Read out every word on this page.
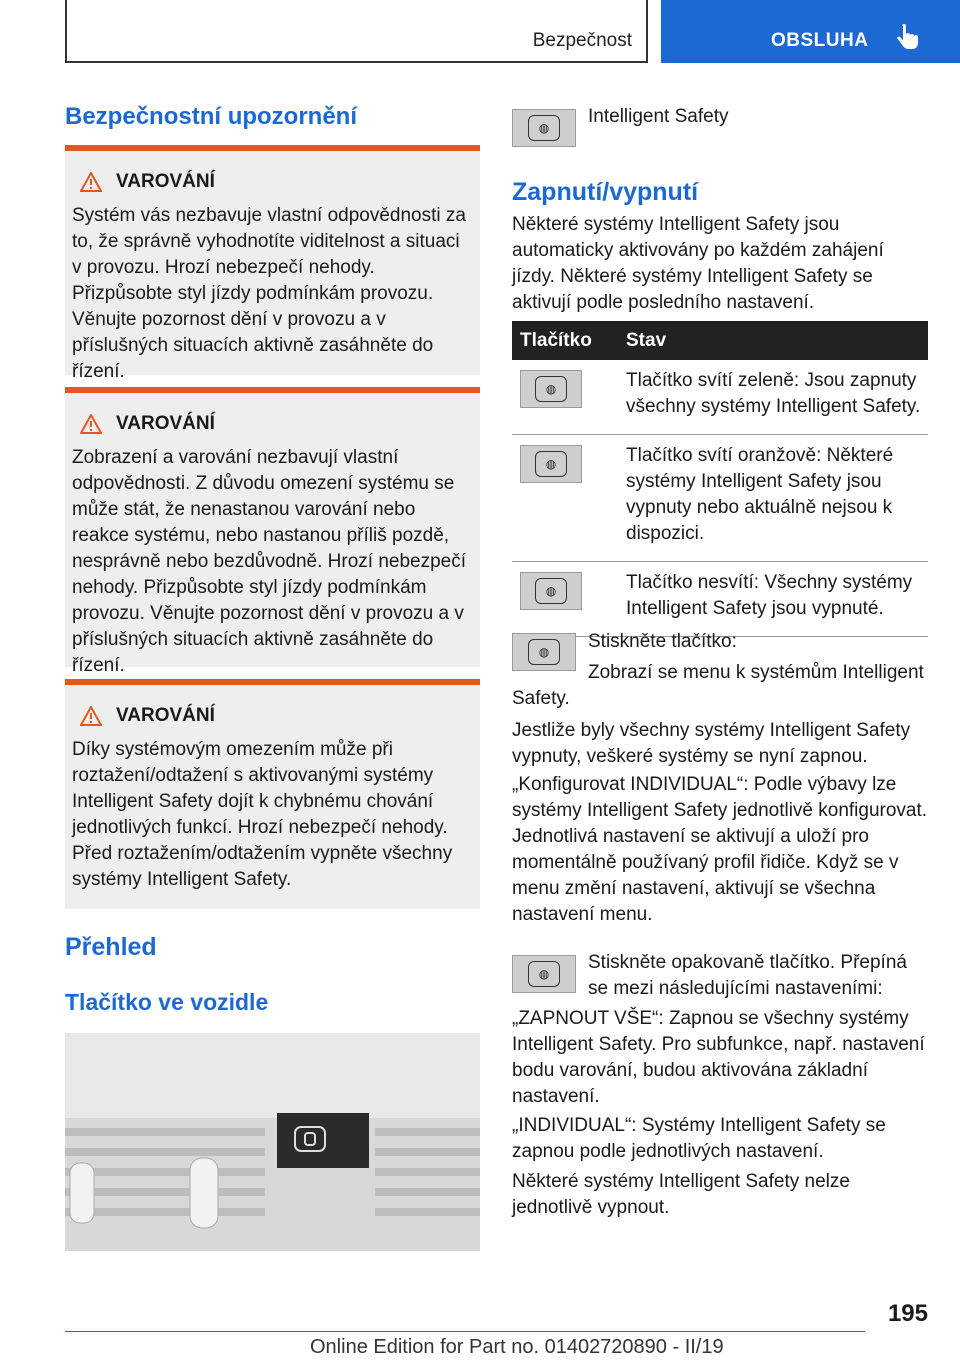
Bezpečnost	OBSLUHA
Bezpečnostní upozornění
VAROVÁNÍ
Systém vás nezbavuje vlastní odpovědnosti za to, že správně vyhodnotíte viditelnost a situaci v provozu. Hrozí nebezpečí nehody. Přizpůsobte styl jízdy podmínkám provozu. Věnujte pozornost dění v provozu a v příslušných situacích aktivně zasáhněte do řízení.
VAROVÁNÍ
Zobrazení a varování nezbavují vlastní odpovědnosti. Z důvodu omezení systému se může stát, že nenastanou varování nebo reakce systému, nebo nastanou příliš pozdě, nesprávně nebo bezdůvodně. Hrozí nebezpečí nehody. Přizpůsobte styl jízdy podmínkám provozu. Věnujte pozornost dění v provozu a v příslušných situacích aktivně zasáhněte do řízení.
VAROVÁNÍ
Díky systémovým omezením může při roztažení/odtažení s aktivovanými systémy Intelligent Safety dojít k chybnému chování jednotlivých funkcí. Hrozí nebezpečí nehody. Před roztažením/odtažením vypněte všechny systémy Intelligent Safety.
Přehled
Tlačítko ve vozidle
◍

Intelligent Safety

Zapnutí/vypnutí

Některé systémy Intelligent Safety jsou automaticky aktivovány po každém zahájení jízdy. Některé systémy Intelligent Safety se aktivují podle posledního nastavení.

Tlačítko	Stav

◍	Tlačítko svítí zeleně: Jsou zapnuty všechny systémy Intelligent Safety.

◍	Tlačítko svítí oranžově: Některé systémy Intelligent Safety jsou vypnuty nebo aktuálně nejsou k dispozici.

◍	Tlačítko nesvítí: Všechny systémy Intelligent Safety jsou vypnuté.
◍ Stiskněte tlačítko:

Zobrazí se menu k systémům Intelligent Safety.

Jestliže byly všechny systémy Intelligent Safety vypnuty, veškeré systémy se nyní zapnou.

„Konfigurovat INDIVIDUAL“: Podle výbavy lze systémy Intelligent Safety jednotlivě konfigurovat. Jednotlivá nastavení se aktivují a uloží pro momentálně používaný profil řidiče. Když se v menu změní nastavení, aktivují se všechna nastavení menu.

◍

Stiskněte opakovaně tlačítko. Přepíná se mezi následujícími nastaveními:

„ZAPNOUT VŠE“: Zapnou se všechny systémy Intelligent Safety. Pro subfunkce, např. nastavení bodu varování, budou aktivována základní nastavení.

„INDIVIDUAL“: Systémy Intelligent Safety se zapnou podle jednotlivých nastavení.

Některé systémy Intelligent Safety nelze jednotlivě vypnout.

195
Online Edition for Part no. 01402720890 - II/19
